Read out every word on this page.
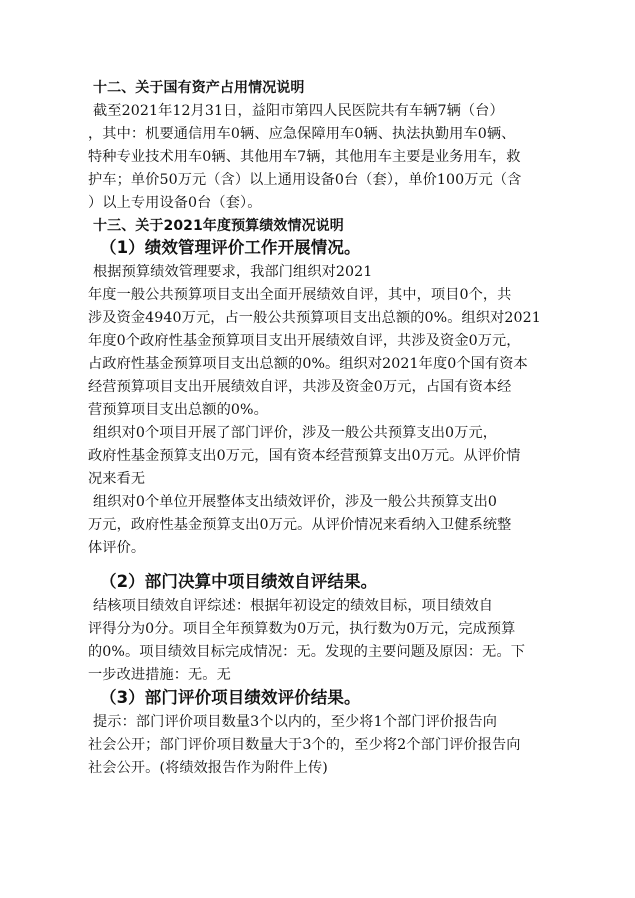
十二、关于国有资产占用情况说明
截至2021年12月31日，益阳市第四人民医院共有车辆7辆（台）
，其中：机要通信用车0辆、应急保障用车0辆、执法执勤用车0辆、
特种专业技术用车0辆、其他用车7辆，其他用车主要是业务用车，救
护车；单价50万元（含）以上通用设备0台（套），单价100万元（含
）以上专用设备0台（套）。
十三、关于2021年度预算绩效情况说明
（1）绩效管理评价工作开展情况。
根据预算绩效管理要求，我部门组织对2021
年度一般公共预算项目支出全面开展绩效自评，其中，项目0个，共
涉及资金4940万元，占一般公共预算项目支出总额的0%。组织对2021
年度0个政府性基金预算项目支出开展绩效自评，共涉及资金0万元，
占政府性基金预算项目支出总额的0%。组织对2021年度0个国有资本
经营预算项目支出开展绩效自评，共涉及资金0万元，占国有资本经
营预算项目支出总额的0%。
组织对0个项目开展了部门评价，涉及一般公共预算支出0万元，
政府性基金预算支出0万元，国有资本经营预算支出0万元。从评价情
况来看无
组织对0个单位开展整体支出绩效评价，涉及一般公共预算支出0
万元，政府性基金预算支出0万元。从评价情况来看纳入卫健系统整
体评价。
（2）部门决算中项目绩效自评结果。
结核项目绩效自评综述：根据年初设定的绩效目标，项目绩效自
评得分为0分。项目全年预算数为0万元，执行数为0万元，完成预算
的0%。项目绩效目标完成情况：无。发现的主要问题及原因：无。下
一步改进措施：无。无
（3）部门评价项目绩效评价结果。
提示：部门评价项目数量3个以内的，至少将1个部门评价报告向
社会公开；部门评价项目数量大于3个的，至少将2个部门评价报告向
社会公开。(将绩效报告作为附件上传)
